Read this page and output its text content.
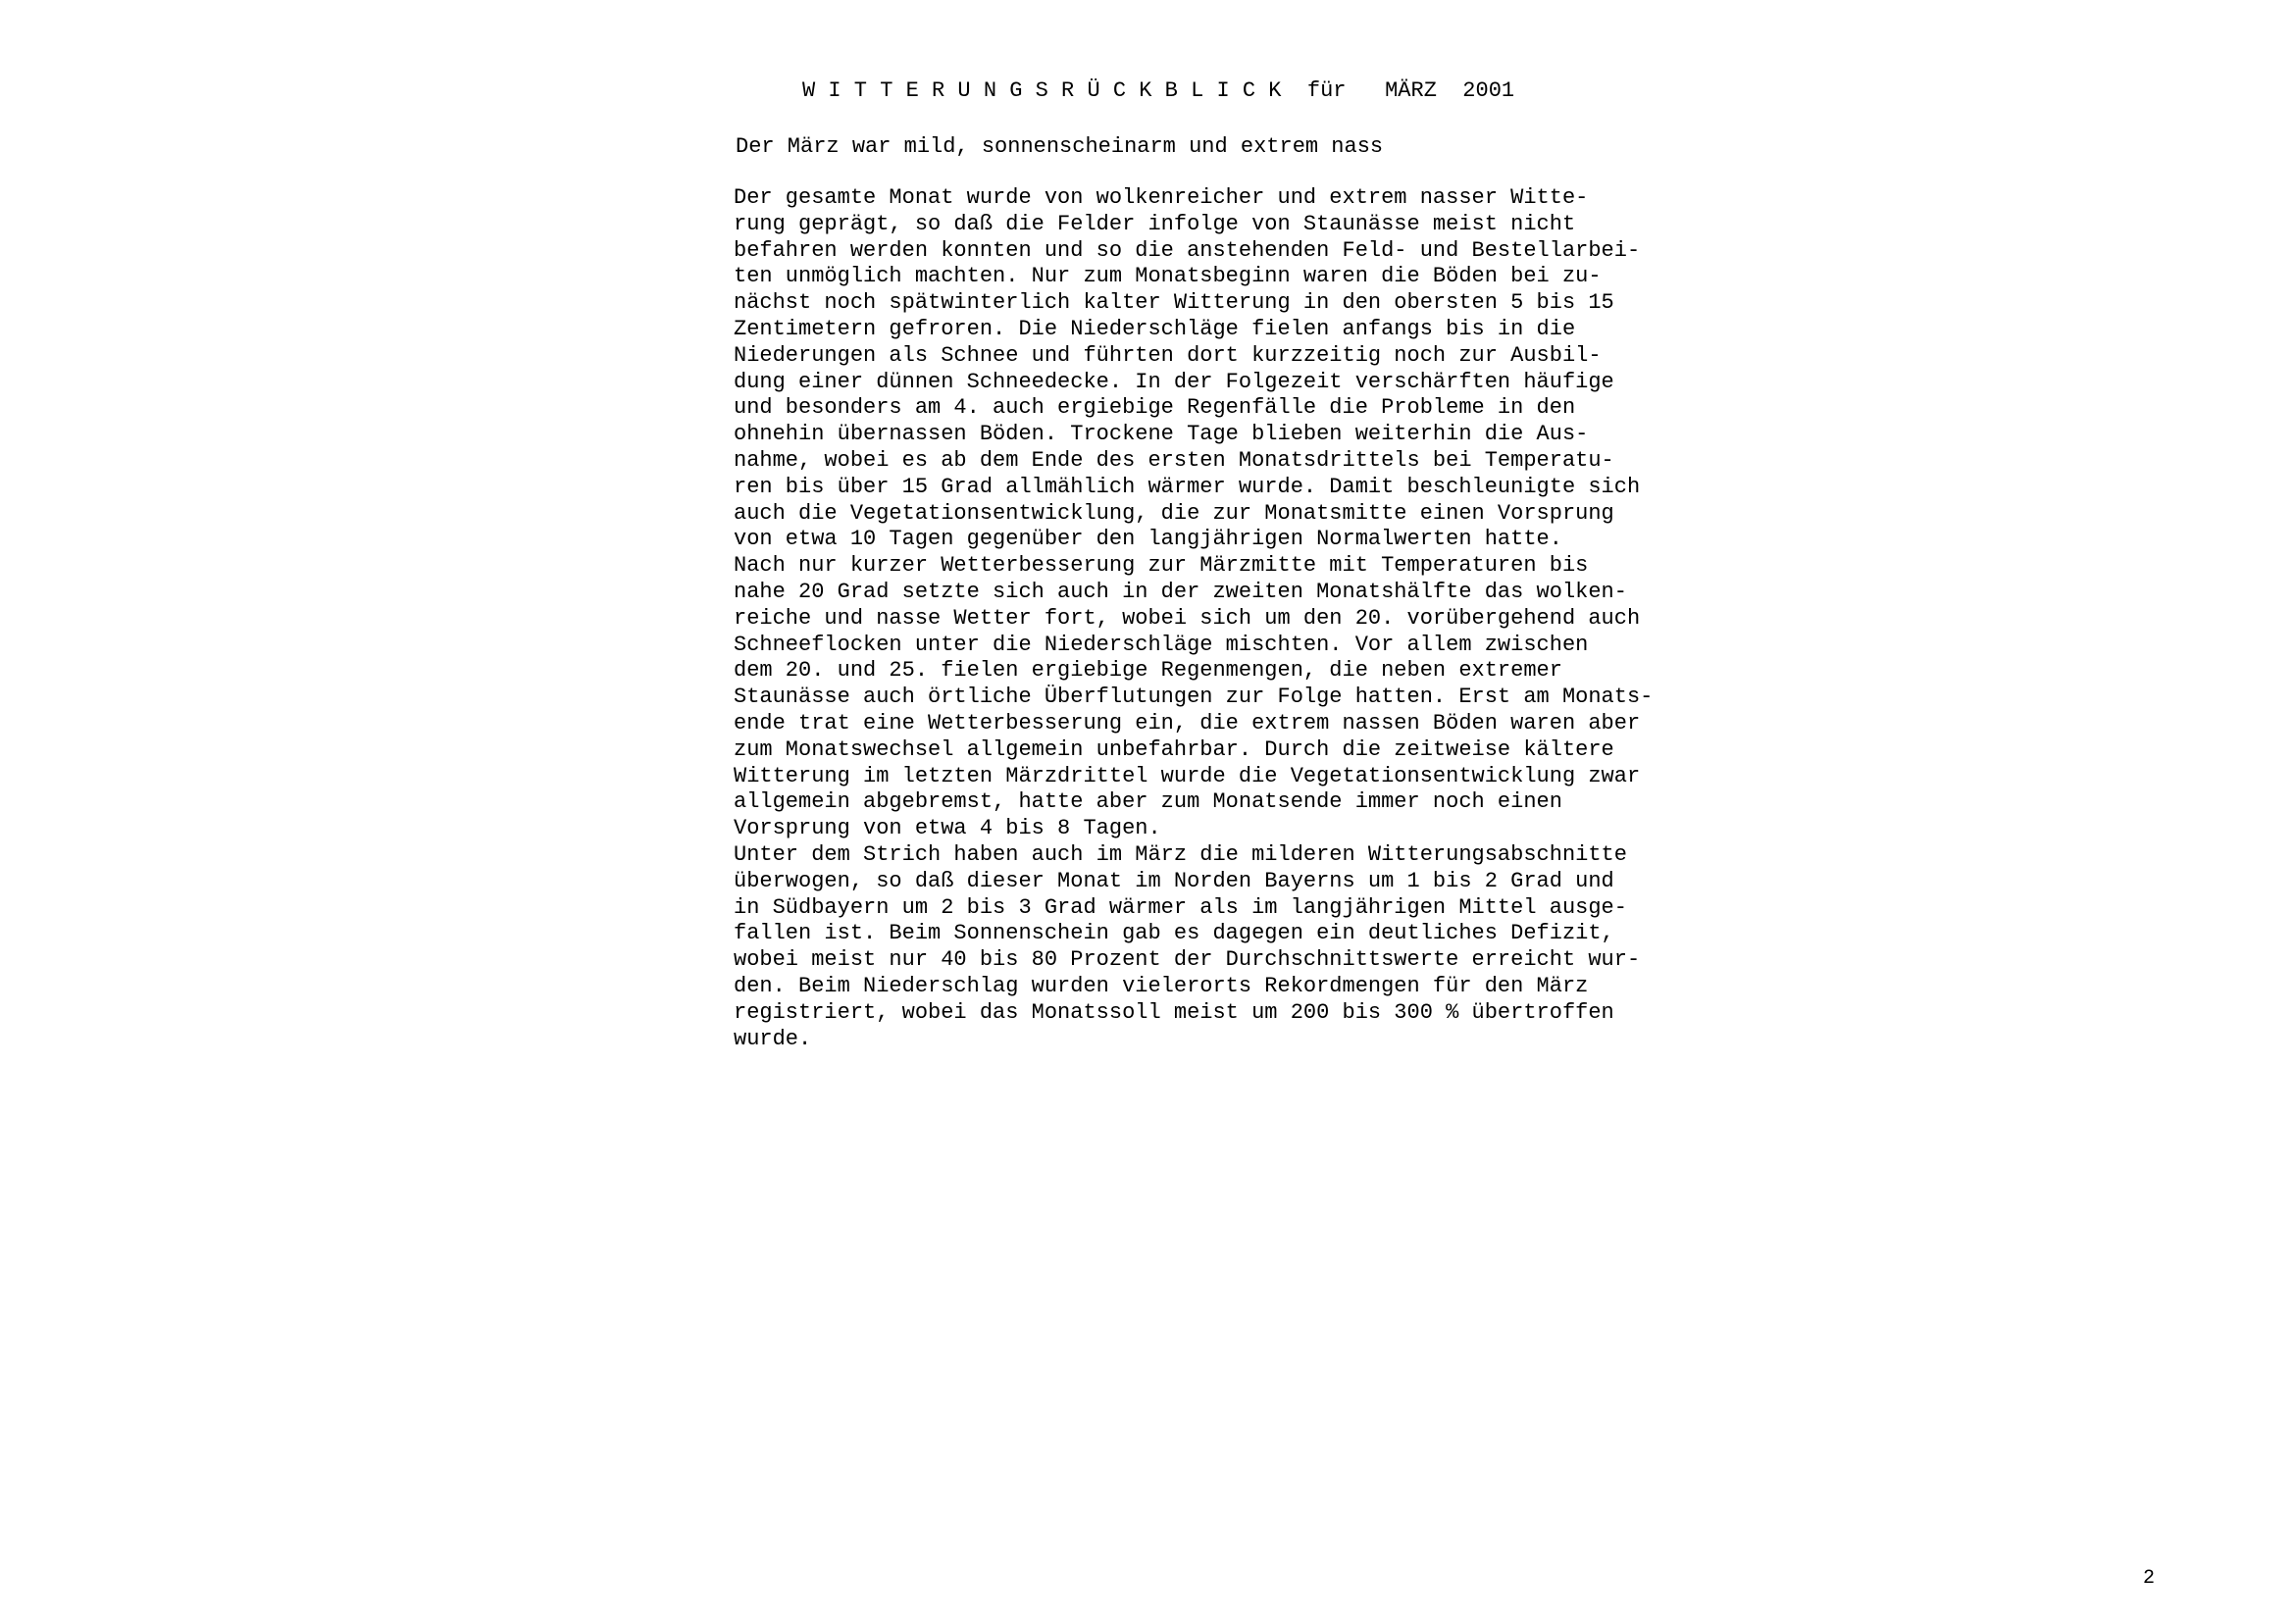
W I T T E R U N G S R Ü C K B L I C K  für   MÄRZ  2001
Der März war mild, sonnenscheinarm und extrem nass
Der gesamte Monat wurde von wolkenreicher und extrem nasser Witte-
rung geprägt, so daß die Felder infolge von Staunässe meist nicht
befahren werden konnten und so die anstehenden Feld- und Bestellarbei-
ten unmöglich machten. Nur zum Monatsbeginn waren die Böden bei zu-
nächst noch spätwinterlich kalter Witterung in den obersten 5 bis 15
Zentimetern gefroren. Die Niederschläge fielen anfangs bis in die
Niederungen als Schnee und führten dort kurzzeitig noch zur Ausbil-
dung einer dünnen Schneedecke. In der Folgezeit verschärften häufige
und besonders am 4. auch ergiebige Regenfälle die Probleme in den
ohnehin übernassen Böden. Trockene Tage blieben weiterhin die Aus-
nahme, wobei es ab dem Ende des ersten Monatsdrittels bei Temperatu-
ren bis über 15 Grad allmählich wärmer wurde. Damit beschleunigte sich
auch die Vegetationsentwicklung, die zur Monatsmitte einen Vorsprung
von etwa 10 Tagen gegenüber den langjährigen Normalwerten hatte.
Nach nur kurzer Wetterbesserung zur Märzmitte mit Temperaturen bis
nahe 20 Grad setzte sich auch in der zweiten Monatshälfte das wolken-
reiche und nasse Wetter fort, wobei sich um den 20. vorübergehend auch
Schneeflocken unter die Niederschläge mischten. Vor allem zwischen
dem 20. und 25. fielen ergiebige Regenmengen, die neben extremer
Staunässe auch örtliche Überflutungen zur Folge hatten. Erst am Monats-
ende trat eine Wetterbesserung ein, die extrem nassen Böden waren aber
zum Monatswechsel allgemein unbefahrbar. Durch die zeitweise kältere
Witterung im letzten Märzdrittel wurde die Vegetationsentwicklung zwar
allgemein abgebremst, hatte aber zum Monatsende immer noch einen
Vorsprung von etwa 4 bis 8 Tagen.
Unter dem Strich haben auch im März die milderen Witterungsabschnitte
überwogen, so daß dieser Monat im Norden Bayerns um 1 bis 2 Grad und
in Südbayern um 2 bis 3 Grad wärmer als im langjährigen Mittel ausge-
fallen ist. Beim Sonnenschein gab es dagegen ein deutliches Defizit,
wobei meist nur 40 bis 80 Prozent der Durchschnittswerte erreicht wur-
den. Beim Niederschlag wurden vielerorts Rekordmengen für den März
registriert, wobei das Monatssoll meist um 200 bis 300 % übertroffen
wurde.
2
